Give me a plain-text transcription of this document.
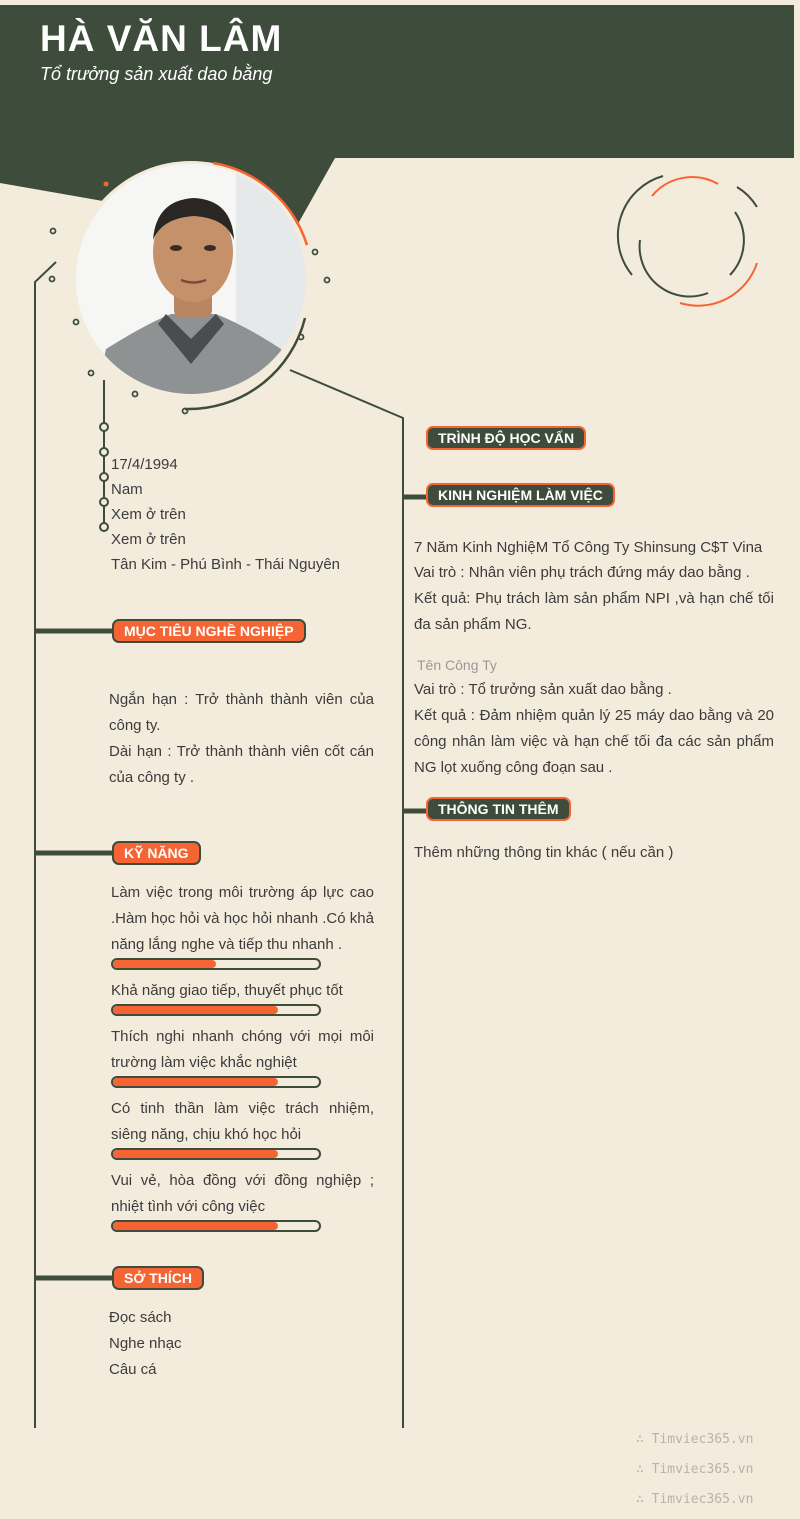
HÀ VĂN LÂM
Tổ trưởng sản xuất dao bằng
17/4/1994
Nam
Xem ở trên
Xem ở trên
Tân Kim - Phú Bình - Thái Nguyên
MỤC TIÊU NGHỀ NGHIỆP
Ngắn hạn : Trở thành thành viên của công ty.
Dài hạn : Trở thành thành viên cốt cán của công ty .
KỸ NĂNG
Làm việc trong môi trường áp lực cao .Hàm học hỏi và học hỏi nhanh .Có khả năng lắng nghe và tiếp thu nhanh .
Khả năng giao tiếp, thuyết phục tốt
Thích nghi nhanh chóng với mọi môi trường làm việc khắc nghiệt
Có tinh thần làm việc trách nhiệm, siêng năng, chịu khó học hỏi
Vui vẻ, hòa đồng với đồng nghiệp ; nhiệt tình với công việc
SỞ THÍCH
Đọc sách
Nghe nhạc
Câu cá
TRÌNH ĐỘ HỌC VẤN
KINH NGHIỆM LÀM VIỆC
7 Năm Kinh NghiệM Tổ Công Ty Shinsung C$T Vina
Vai trò : Nhân viên phụ trách đứng máy dao bằng .
Kết quả: Phụ trách làm sản phẩm NPI ,và hạn chế tối đa sản phẩm NG.
Tên Công Ty
Vai trò : Tổ trưởng sản xuất dao bằng .
Kết quả : Đảm nhiệm quản lý 25 máy dao bằng và 20 công nhân làm việc và hạn chế tối đa các sản phẩm NG lọt xuống công đoạn sau .
THÔNG TIN THÊM
Thêm những thông tin khác ( nếu cần )
∴ Timviec365.vn
∴ Timviec365.vn
∴ Timviec365.vn
